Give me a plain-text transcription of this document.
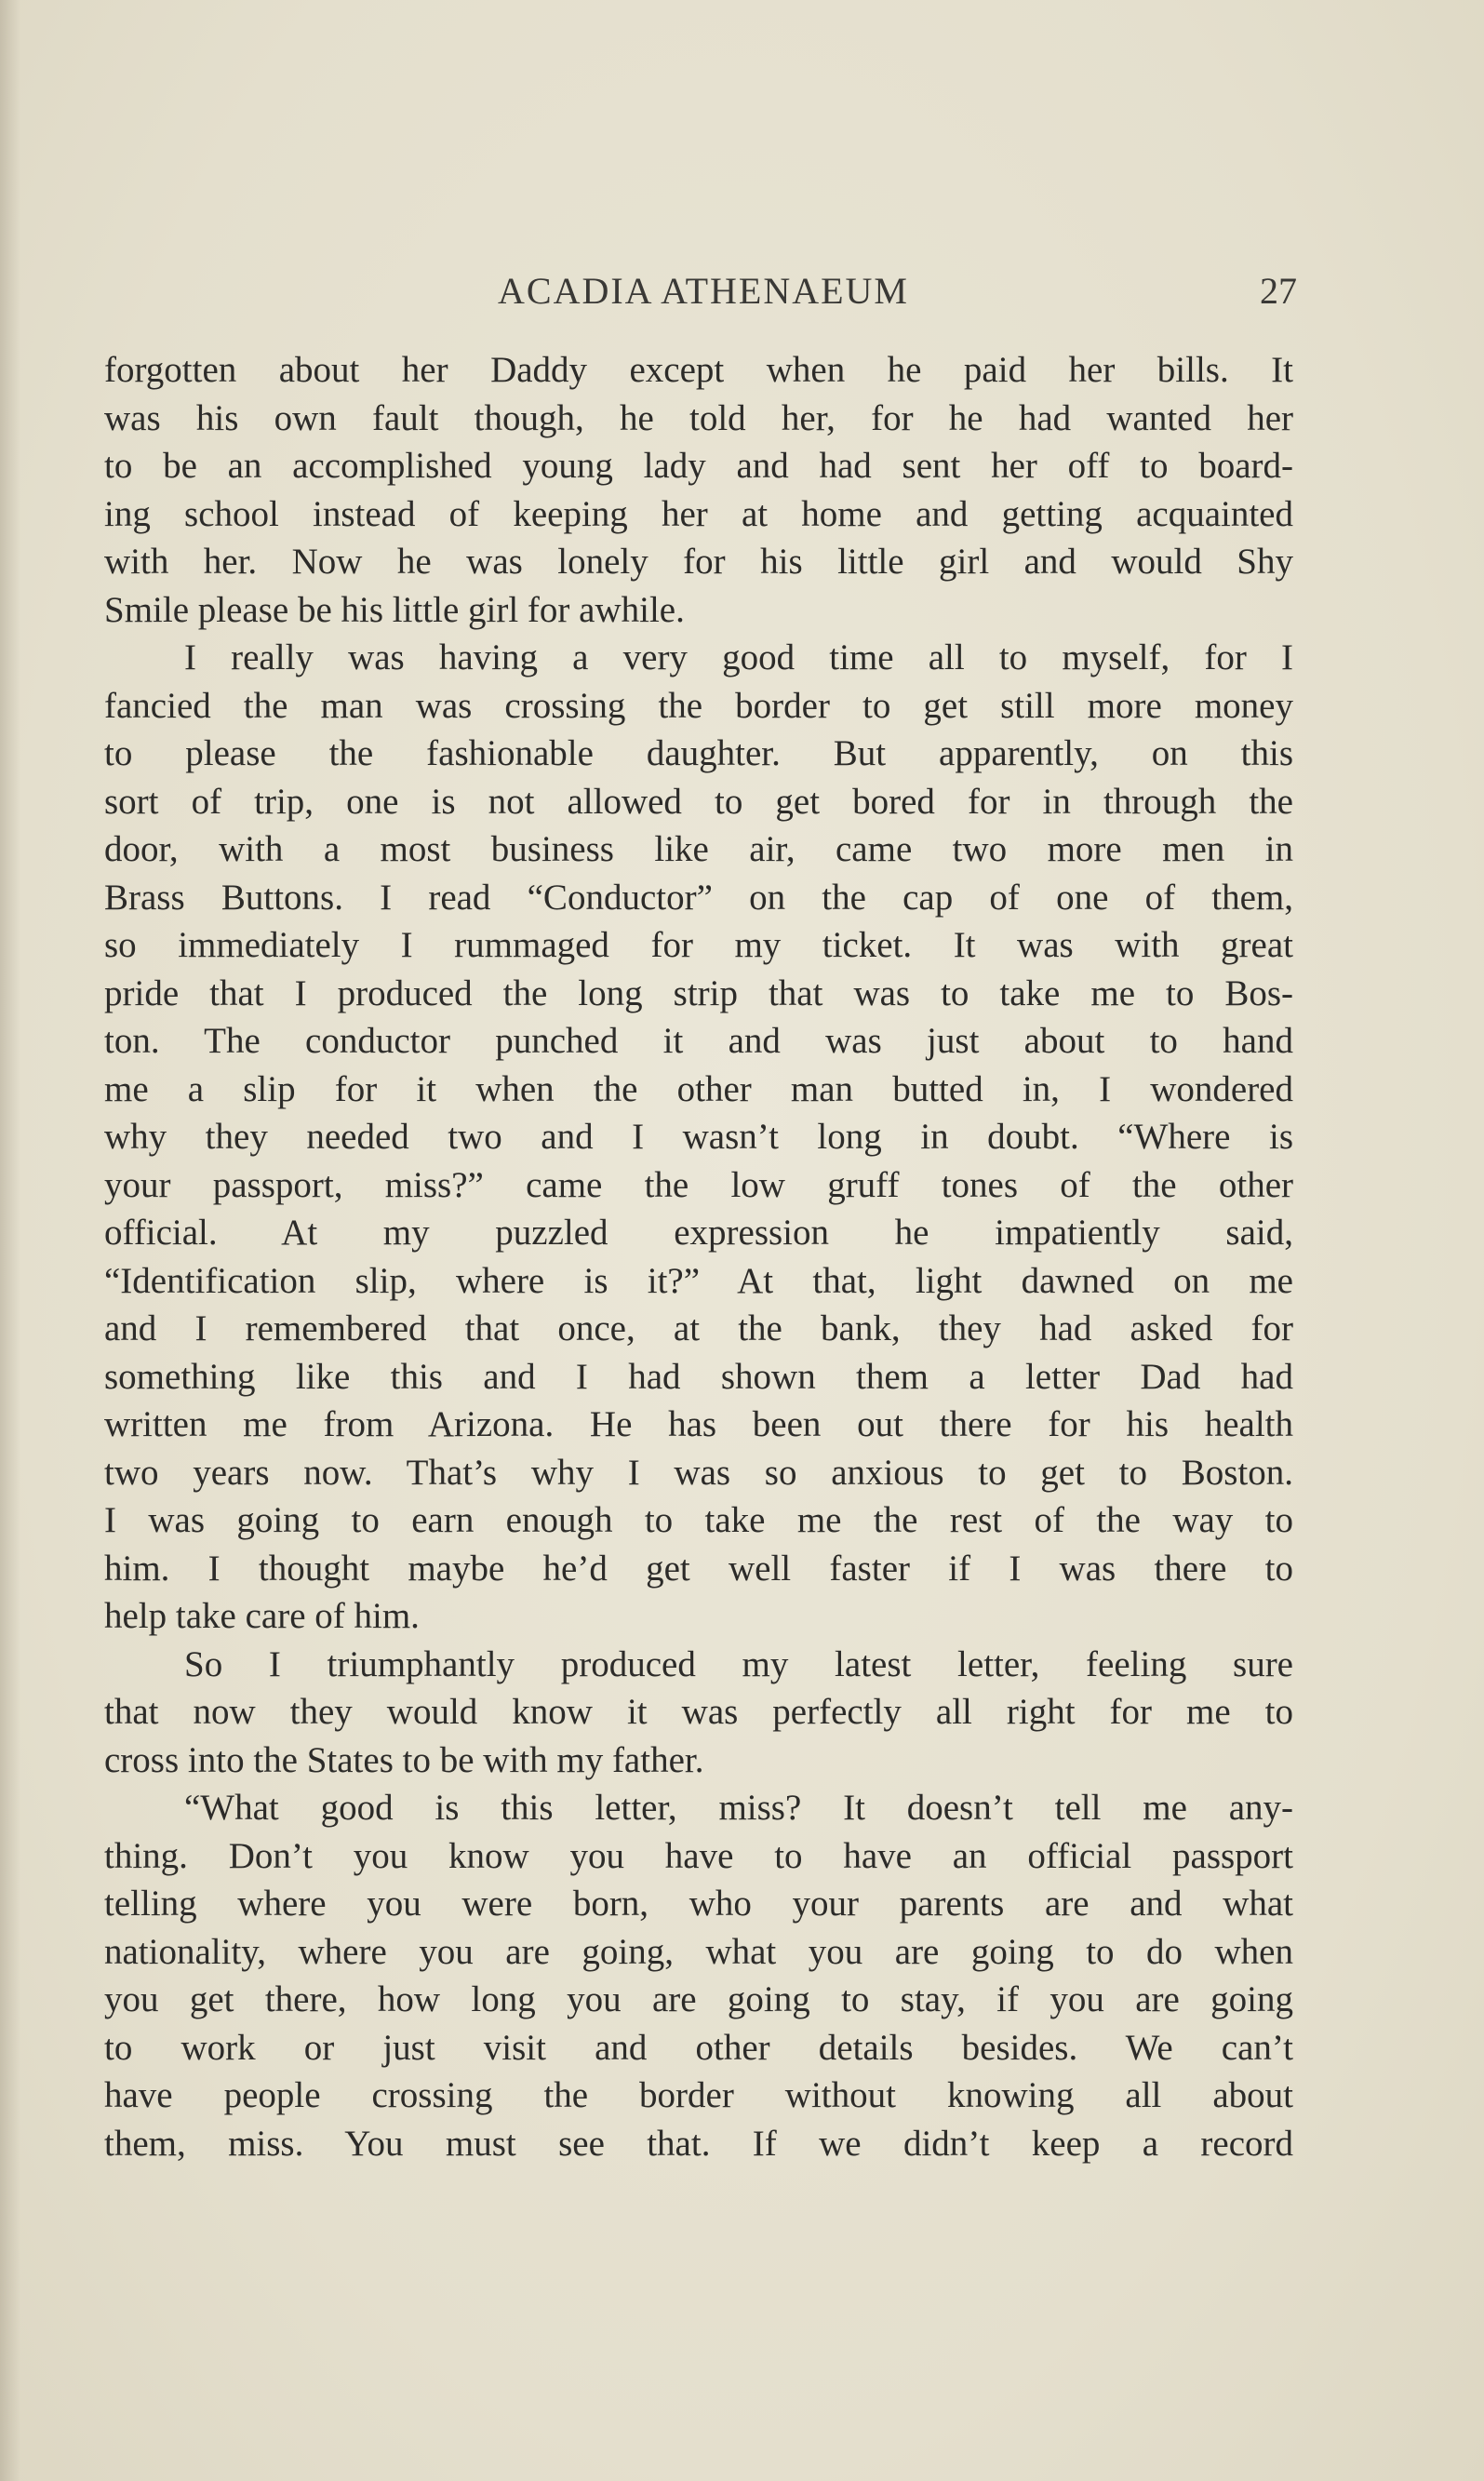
ACADIA ATHENAEUM	27
forgotten about her Daddy except when he paid her bills. It
was his own fault though, he told her, for he had wanted her
to be an accomplished young lady and had sent her off to board-
ing school instead of keeping her at home and getting acquainted
with her. Now he was lonely for his little girl and would Shy
Smile please be his little girl for awhile.
I really was having a very good time all to myself, for I
fancied the man was crossing the border to get still more money
to please the fashionable daughter. But apparently, on this
sort of trip, one is not allowed to get bored for in through the
door, with a most business like air, came two more men in
Brass Buttons. I read “Conductor” on the cap of one of them,
so immediately I rummaged for my ticket. It was with great
pride that I produced the long strip that was to take me to Bos-
ton. The conductor punched it and was just about to hand
me a slip for it when the other man butted in, I wondered
why they needed two and I wasn’t long in doubt. “Where is
your passport, miss?” came the low gruff tones of the other
official. At my puzzled expression he impatiently said,
“Identification slip, where is it?” At that, light dawned on me
and I remembered that once, at the bank, they had asked for
something like this and I had shown them a letter Dad had
written me from Arizona. He has been out there for his health
two years now. That’s why I was so anxious to get to Boston.
I was going to earn enough to take me the rest of the way to
him. I thought maybe he’d get well faster if I was there to
help take care of him.
So I triumphantly produced my latest letter, feeling sure
that now they would know it was perfectly all right for me to
cross into the States to be with my father.
“What good is this letter, miss? It doesn’t tell me any-
thing. Don’t you know you have to have an official passport
telling where you were born, who your parents are and what
nationality, where you are going, what you are going to do when
you get there, how long you are going to stay, if you are going
to work or just visit and other details besides. We can’t
have people crossing the border without knowing all about
them, miss. You must see that. If we didn’t keep a record
